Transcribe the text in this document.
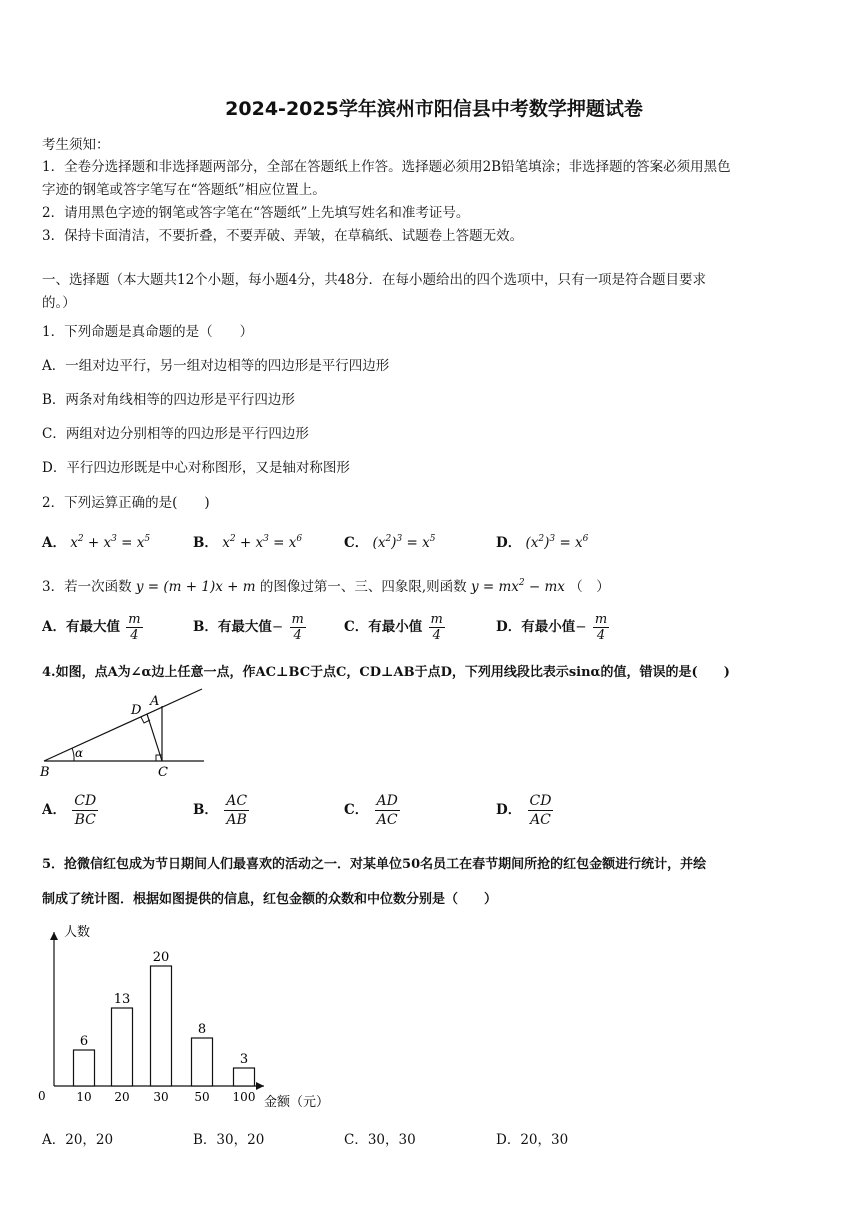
2024-2025学年滨州市阳信县中考数学押题试卷
考生须知：
1．全卷分选择题和非选择题两部分，全部在答题纸上作答。选择题必须用2B铅笔填涂；非选择题的答案必须用黑色
字迹的钢笔或答字笔写在“答题纸”相应位置上。
2．请用黑色字迹的钢笔或答字笔在“答题纸”上先填写姓名和准考证号。
3．保持卡面清洁，不要折叠，不要弄破、弄皱，在草稿纸、试题卷上答题无效。
一、选择题（本大题共12个小题，每小题4分，共48分．在每小题给出的四个选项中，只有一项是符合题目要求
的。）
1．下列命题是真命题的是（　　）
A．一组对边平行，另一组对边相等的四边形是平行四边形
B．两条对角线相等的四边形是平行四边形
C．两组对边分别相等的四边形是平行四边形
D．平行四边形既是中心对称图形，又是轴对称图形
2．下列运算正确的是(　　)
A． $x^2 + x^3 = x^5$	B． $x^2 + x^3 = x^6$	C． $(x^2)^3 = x^5$	D． $(x^2)^3 = x^6$
3．若一次函数 y = (m + 1)x + m 的图像过第一、三、四象限,则函数 $y = mx^2$ − mx （　）
A．有最大值 $\frac{m}{4}$	B．有最大值− $\frac{m}{4}$	C．有最小值 $\frac{m}{4}$	D．有最小值− $\frac{m}{4}$
4.如图，点A为∠α边上任意一点，作AC⊥BC于点C，CD⊥AB于点D，下列用线段比表示sinα的值，错误的是(　　)
A
B	C
D
α
A． $\frac{CD}{BC}$	B． $\frac{AC}{AB}$	C． $\frac{AD}{AC}$	D． $\frac{CD}{AC}$
5．抢微信红包成为节日期间人们最喜欢的活动之一．对某单位50名员工在春节期间所抢的红包金额进行统计，并绘
制成了统计图．根据如图提供的信息，红包金额的众数和中位数分别是（　　）
人数
金额（元）
0
6
10
13
20
20
30
8
50
3
100
A．20，20	B．30，20	C．30，30	D．20，30
